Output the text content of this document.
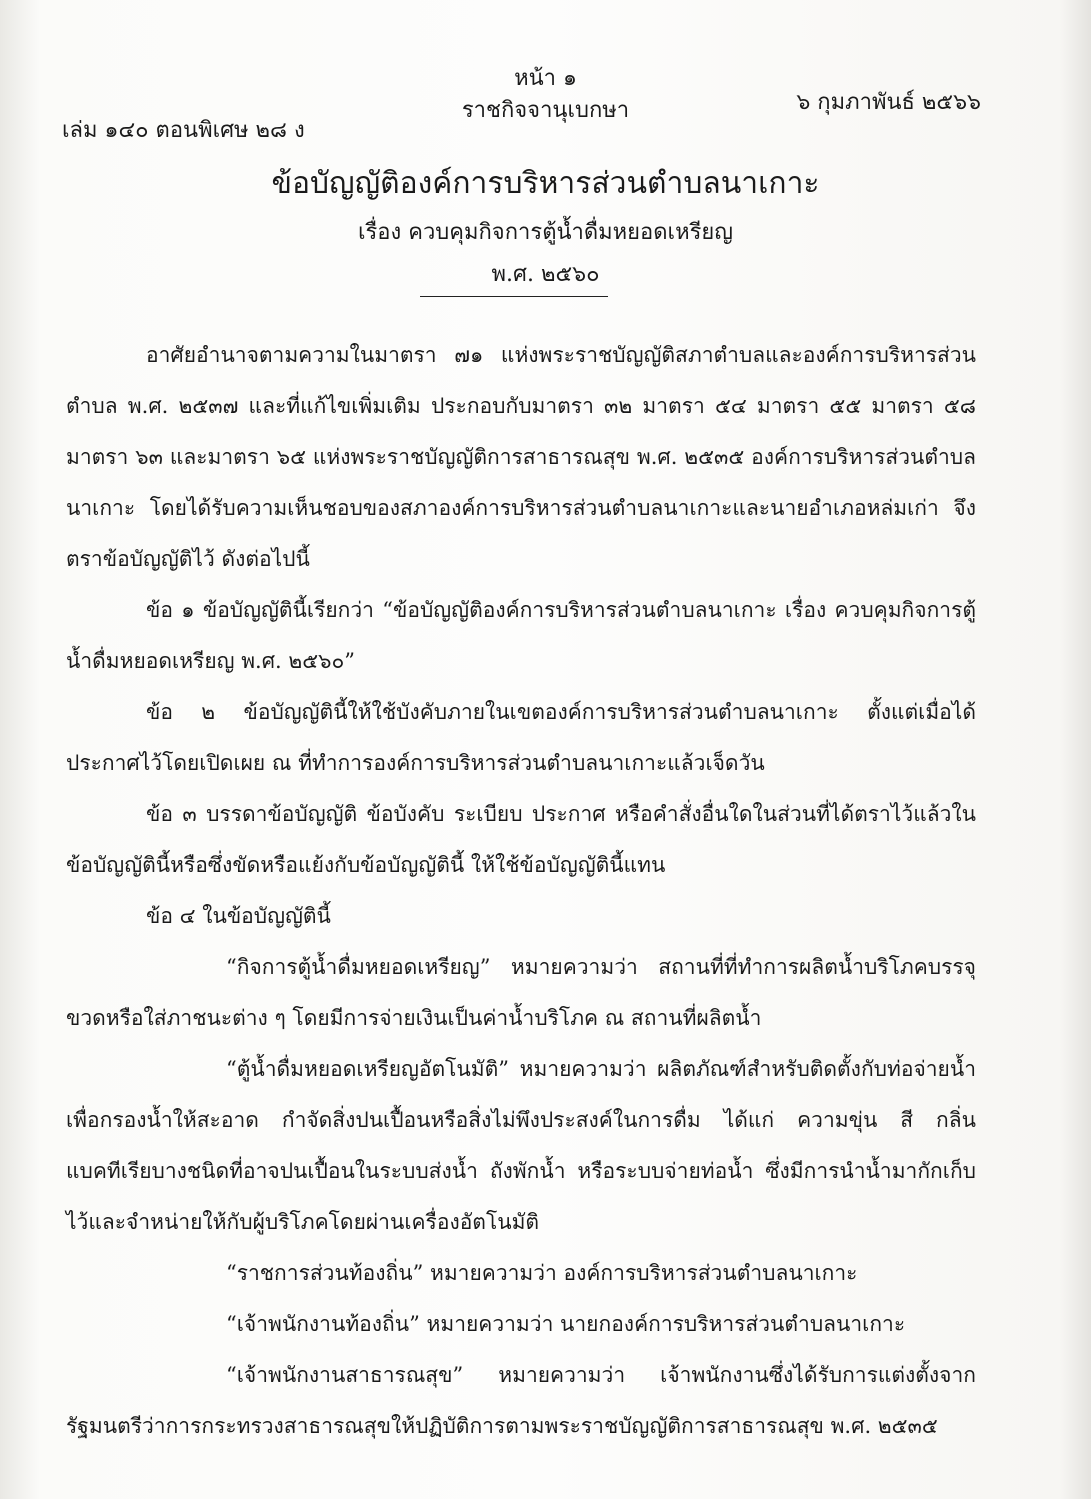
หน้า ๑
เล่ม ๑๔๐ ตอนพิเศษ ๒๘ ง
ราชกิจจานุเบกษา	๖ กุมภาพันธ์ ๒๕๖๖
ข้อบัญญัติองค์การบริหารส่วนตำบลนาเกาะ
เรื่อง ควบคุมกิจการตู้น้ำดื่มหยอดเหรียญ
พ.ศ. ๒๕๖๐

อาศัยอำนาจตามความในมาตรา ๗๑ แห่งพระราชบัญญัติสภาตำบลและองค์การบริหารส่วนตำบล พ.ศ. ๒๕๓๗ และที่แก้ไขเพิ่มเติม ประกอบกับมาตรา ๓๒ มาตรา ๕๔ มาตรา ๕๕ มาตรา ๕๘ มาตรา ๖๓ และมาตรา ๖๕ แห่งพระราชบัญญัติการสาธารณสุข พ.ศ. ๒๕๓๕ องค์การบริหารส่วนตำบลนาเกาะ โดยได้รับความเห็นชอบของสภาองค์การบริหารส่วนตำบลนาเกาะและนายอำเภอหล่มเก่า จึงตราข้อบัญญัติไว้ ดังต่อไปนี้

ข้อ ๑ ข้อบัญญัตินี้เรียกว่า “ข้อบัญญัติองค์การบริหารส่วนตำบลนาเกาะ เรื่อง ควบคุมกิจการตู้น้ำดื่มหยอดเหรียญ พ.ศ. ๒๕๖๐”

ข้อ ๒ ข้อบัญญัตินี้ให้ใช้บังคับภายในเขตองค์การบริหารส่วนตำบลนาเกาะ ตั้งแต่เมื่อได้ประกาศไว้โดยเปิดเผย ณ ที่ทำการองค์การบริหารส่วนตำบลนาเกาะแล้วเจ็ดวัน

ข้อ ๓ บรรดาข้อบัญญัติ ข้อบังคับ ระเบียบ ประกาศ หรือคำสั่งอื่นใดในส่วนที่ได้ตราไว้แล้วในข้อบัญญัตินี้หรือซึ่งขัดหรือแย้งกับข้อบัญญัตินี้ ให้ใช้ข้อบัญญัตินี้แทน

ข้อ ๔ ในข้อบัญญัตินี้

“กิจการตู้น้ำดื่มหยอดเหรียญ” หมายความว่า สถานที่ที่ทำการผลิตน้ำบริโภคบรรจุขวดหรือใส่ภาชนะต่าง ๆ โดยมีการจ่ายเงินเป็นค่าน้ำบริโภค ณ สถานที่ผลิตน้ำ

“ตู้น้ำดื่มหยอดเหรียญอัตโนมัติ” หมายความว่า ผลิตภัณฑ์สำหรับติดตั้งกับท่อจ่ายน้ำเพื่อกรองน้ำให้สะอาด กำจัดสิ่งปนเปื้อนหรือสิ่งไม่พึงประสงค์ในการดื่ม ได้แก่ ความขุ่น สี กลิ่น แบคทีเรียบางชนิดที่อาจปนเปื้อนในระบบส่งน้ำ ถังพักน้ำ หรือระบบจ่ายท่อน้ำ ซึ่งมีการนำน้ำมากักเก็บไว้และจำหน่ายให้กับผู้บริโภคโดยผ่านเครื่องอัตโนมัติ

“ราชการส่วนท้องถิ่น” หมายความว่า องค์การบริหารส่วนตำบลนาเกาะ

“เจ้าพนักงานท้องถิ่น” หมายความว่า นายกองค์การบริหารส่วนตำบลนาเกาะ

“เจ้าพนักงานสาธารณสุข” หมายความว่า เจ้าพนักงานซึ่งได้รับการแต่งตั้งจากรัฐมนตรีว่าการกระทรวงสาธารณสุขให้ปฏิบัติการตามพระราชบัญญัติการสาธารณสุข พ.ศ. ๒๕๓๕
